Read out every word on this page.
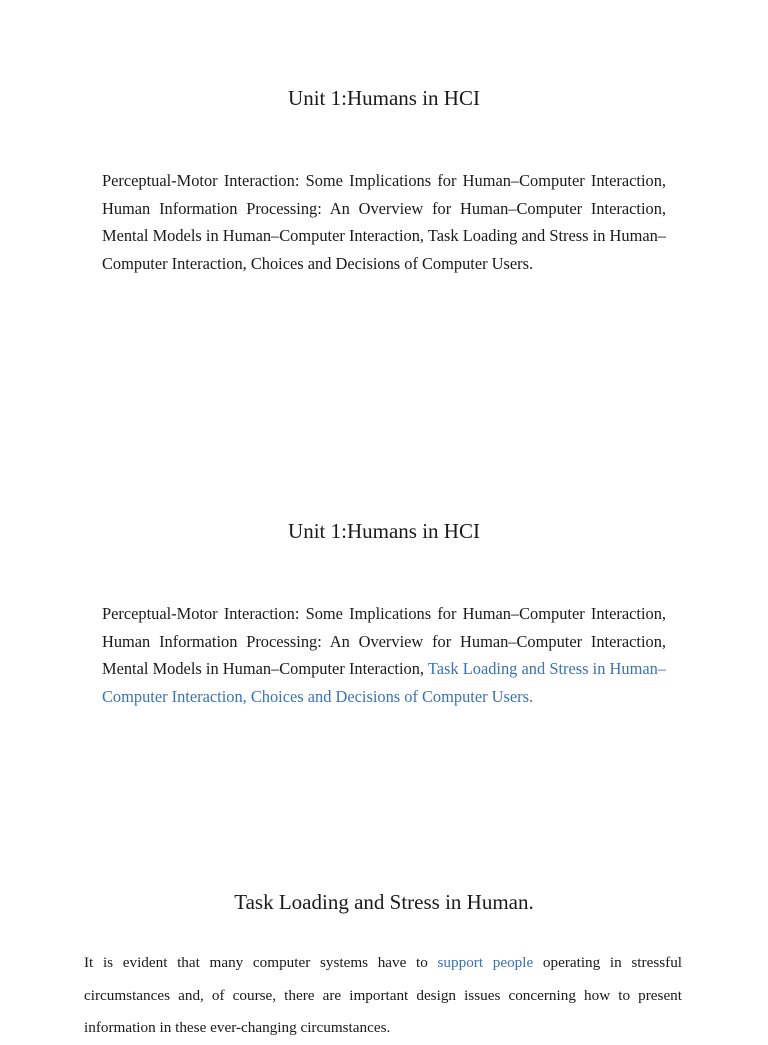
Unit 1:Humans in HCI

Perceptual-Motor Interaction: Some Implications for Human–Computer Interaction, Human Information Processing: An Overview for Human–Computer Interaction, Mental Models in Human–Computer Interaction, Task Loading and Stress in Human–Computer Interaction, Choices and Decisions of Computer Users.

Unit 1:Humans in HCI

Perceptual-Motor Interaction: Some Implications for Human–Computer Interaction, Human Information Processing: An Overview for Human–Computer Interaction, Mental Models in Human–Computer Interaction, Task Loading and Stress in Human–Computer Interaction, Choices and Decisions of Computer Users.

Task Loading and Stress in Human.

It is evident that many computer systems have to support people operating in stressful circumstances and, of course, there are important design issues concerning how to present information in these ever-changing circumstances.
